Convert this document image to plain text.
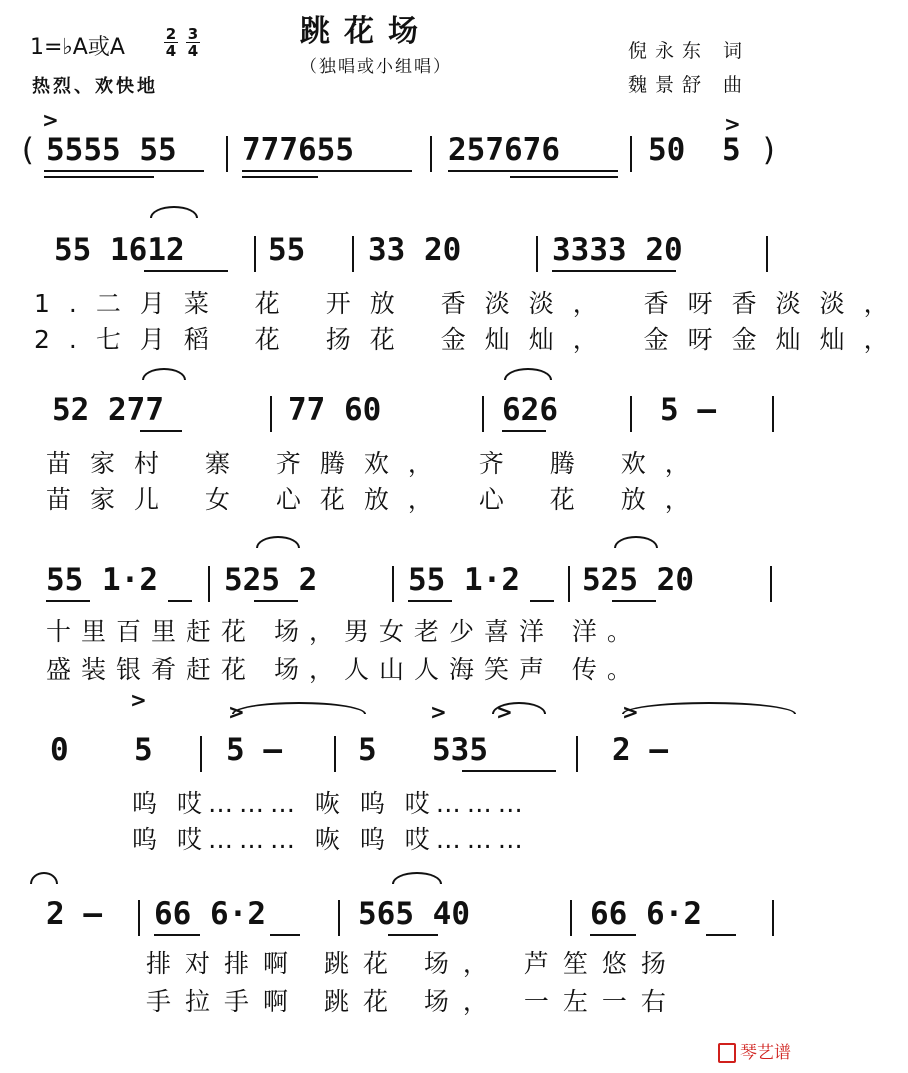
1=♭A或A
2
43
4
跳花场
（独唱或小组唱）
热烈、欢快地
倪永东 词
魏景舒 曲

(

5555 55

777655

	257676

	50

5

)

>	>

55 1612

	55

33 20

	3333 20

1.二月菜 花 开放 香淡淡， 香呀香淡淡，
2.七月稻 花 扬花 金灿灿， 金呀金灿灿，

52 277

	77 60

	626

	5 —

苗家村 寨 齐腾欢， 齐 腾 欢，
苗家儿 女 心花放， 心 花 放，

55 1·2

525 2

	55 1·2

525 20

十里百里赶花 场，男女老少喜洋 洋。
盛装银肴赶花 场，人山人海笑声 传。

0

5

5 —

5

535

	2 —

>	>	> >	>
呜 哎……… 咴 呜 哎………
呜 哎……… 咴 呜 哎………

2 —

66 6·2

	565 40

	66 6·2

排对排啊 跳花 场， 芦笙悠扬
手拉手啊 跳花 场， 一左一右
琴艺谱
